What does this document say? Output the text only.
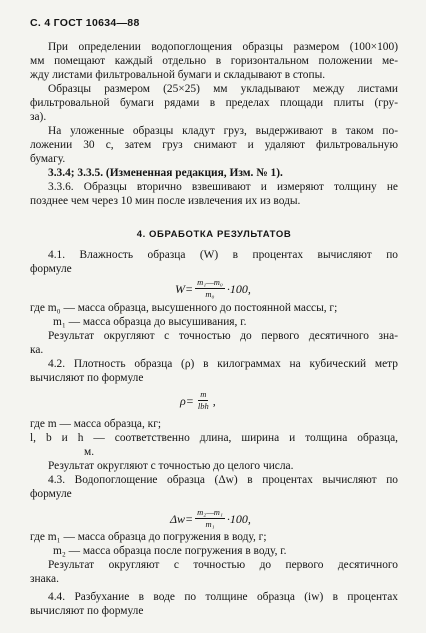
С. 4 ГОСТ 10634—88
При определении водопоглощения образцы размером (100×100)
мм помещают каждый отдельно в горизонтальном положении ме-
жду листами фильтровальной бумаги и складывают в стопы.
Образцы размером (25×25) мм укладывают между листами
фильтровальной бумаги рядами в пределах площади плиты (гру-
за).
На уложенные образцы кладут груз, выдерживают в таком по-
ложении 30 с, затем груз снимают и удаляют фильтровальную
бумагу.
3.3.4; 3.3.5. (Измененная редакция, Изм. № 1).
3.3.6. Образцы вторично взвешивают и измеряют толщину не
позднее чем через 10 мин после извлечения их из воды.
4. ОБРАБОТКА РЕЗУЛЬТАТОВ
4.1. Влажность образца (W) в процентах вычисляют по
формуле
$W= \frac{\text{m₁—m₀}}{\text{m₀}} \cdot 100$,
где m₀ — масса образца, высушенного до постоянной массы, г;
m₁ — масса образца до высушивания, г.
Результат округляют с точностью до первого десятичного зна-
ка.
4.2. Плотность образца (ρ) в килограммах на кубический метр
вычисляют по формуле
$\rho= \frac{m}{\text{lbh}}$ ,
где m — масса образца, кг;
l, b и h — соответственно длина, ширина и толщина образца,
м.
Результат округляют с точностью до целого числа.
4.3. Водопоглощение образца (Δw) в процентах вычисляют по
формуле
$\Delta w= \frac{\text{m₂—m₁}}{\text{m₁}} \cdot 100$,
где m₁ — масса образца до погружения в воду, г;
m₂ — масса образца после погружения в воду, г.
Результат округляют с точностью до первого десятичного
знака.
4.4. Разбухание в воде по толщине образца (iw) в процентах
вычисляют по формуле
